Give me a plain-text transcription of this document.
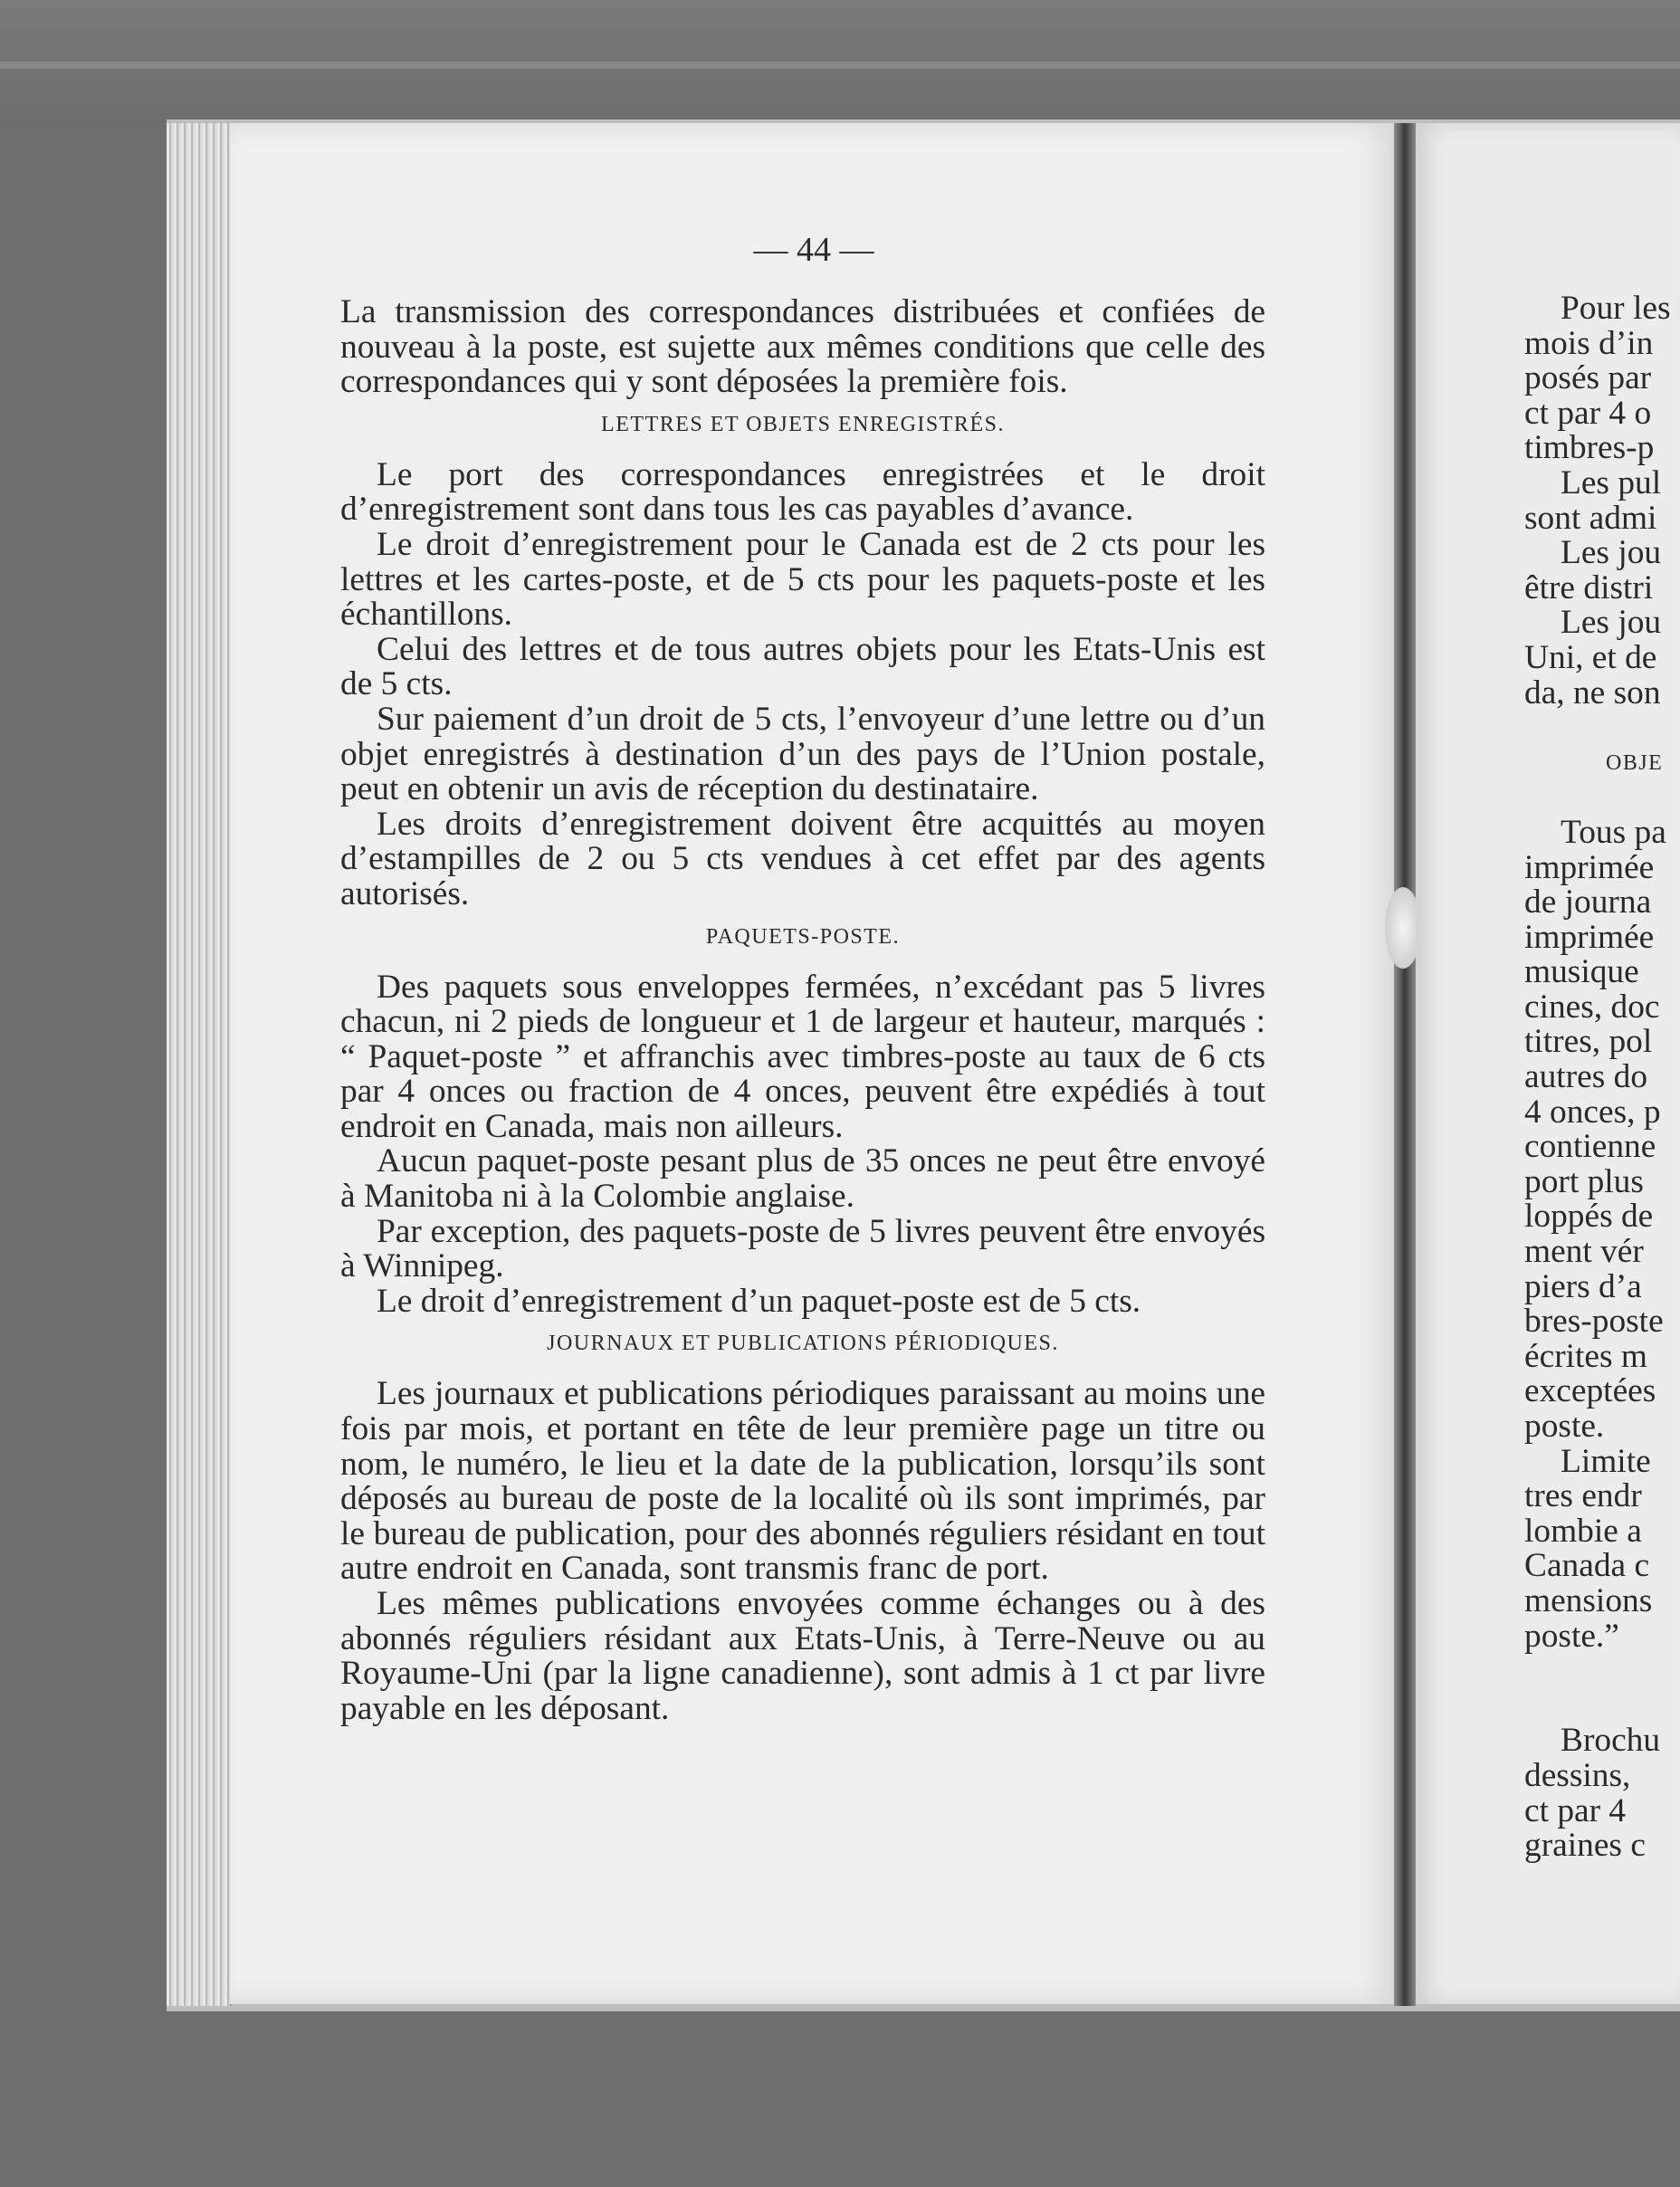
— 44 —

La transmission des correspondances distribuées et confiées de nouveau à la poste, est sujette aux mêmes conditions que celle des correspondances qui y sont déposées la première fois.

LETTRES ET OBJETS ENREGISTRÉS.

Le port des correspondances enregistrées et le droit d’enregistrement sont dans tous les cas payables d’avance.

Le droit d’enregistrement pour le Canada est de 2 cts pour les lettres et les cartes-poste, et de 5 cts pour les paquets-poste et les échantillons.

Celui des lettres et de tous autres objets pour les Etats-Unis est de 5 cts.

Sur paiement d’un droit de 5 cts, l’envoyeur d’une lettre ou d’un objet enregistrés à destination d’un des pays de l’Union postale, peut en obtenir un avis de réception du destinataire.

Les droits d’enregistrement doivent être acquittés au moyen d’estampilles de 2 ou 5 cts vendues à cet effet par des agents autorisés.

PAQUETS-POSTE.

Des paquets sous enveloppes fermées, n’excédant pas 5 livres chacun, ni 2 pieds de longueur et 1 de largeur et hauteur, marqués : “ Paquet-poste ” et affranchis avec timbres-poste au taux de 6 cts par 4 onces ou fraction de 4 onces, peuvent être expédiés à tout endroit en Canada, mais non ailleurs.

Aucun paquet-poste pesant plus de 35 onces ne peut être envoyé à Manitoba ni à la Colombie anglaise.

Par exception, des paquets-poste de 5 livres peuvent être envoyés à Winnipeg.

Le droit d’enregistrement d’un paquet-poste est de 5 cts.

JOURNAUX ET PUBLICATIONS PÉRIODIQUES.

Les journaux et publications périodiques paraissant au moins une fois par mois, et portant en tête de leur première page un titre ou nom, le numéro, le lieu et la date de la publication, lorsqu’ils sont déposés au bureau de poste de la localité où ils sont imprimés, par le bureau de publication, pour des abonnés réguliers résidant en tout autre endroit en Canada, sont transmis franc de port.

Les mêmes publications envoyées comme échanges ou à des abonnés réguliers résidant aux Etats-Unis, à Terre-Neuve ou au Royaume-Uni (par la ligne canadienne), sont admis à 1 ct par livre payable en les déposant.

Pour les
mois d’in
posés par
ct par 4 o
timbres-p
Les pul
sont admi
Les jou
être distri
Les jou
Uni, et de
da, ne son
OBJE
Tous pa
imprimée
de journa
imprimée
musique
cines, doc
titres, pol
autres do
4 onces, p
contienne
port plus
loppés de
ment vér
piers d’a
bres-poste
écrites m
exceptées
poste.
Limite
tres endr
lombie a
Canada c
mensions
poste.”
Brochu
dessins,
ct par 4
graines c
